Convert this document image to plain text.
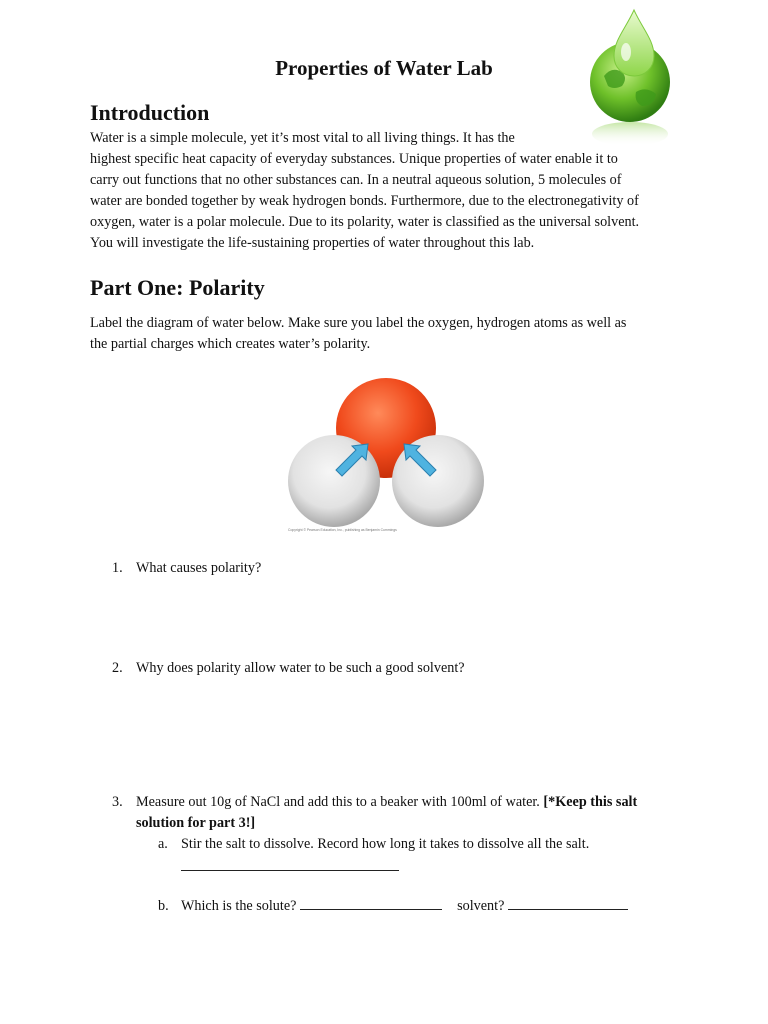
Properties of Water Lab
Introduction
Water is a simple molecule, yet it’s most vital to all living things. It has the
highest specific heat capacity of everyday substances. Unique properties of water enable it to
carry out functions that no other substances can. In a neutral aqueous solution, 5 molecules of
water are bonded together by weak hydrogen bonds. Furthermore, due to the electronegativity of
oxygen, water is a polar molecule. Due to its polarity, water is classified as the universal solvent.
You will investigate the life-sustaining properties of water throughout this lab.
Part One: Polarity
Label the diagram of water below. Make sure you label the oxygen, hydrogen atoms as well as
the partial charges which creates water’s polarity.
Copyright © Pearson Education, Inc., publishing as Benjamin Cummings
1. What causes polarity?
2. Why does polarity allow water to be such a good solvent?
3. Measure out 10g of NaCl and add this to a beaker with 100ml of water. [*Keep this salt
solution for part 3!]
a. Stir the salt to dissolve. Record how long it takes to dissolve all the salt.
b. Which is the solute?	solvent?
